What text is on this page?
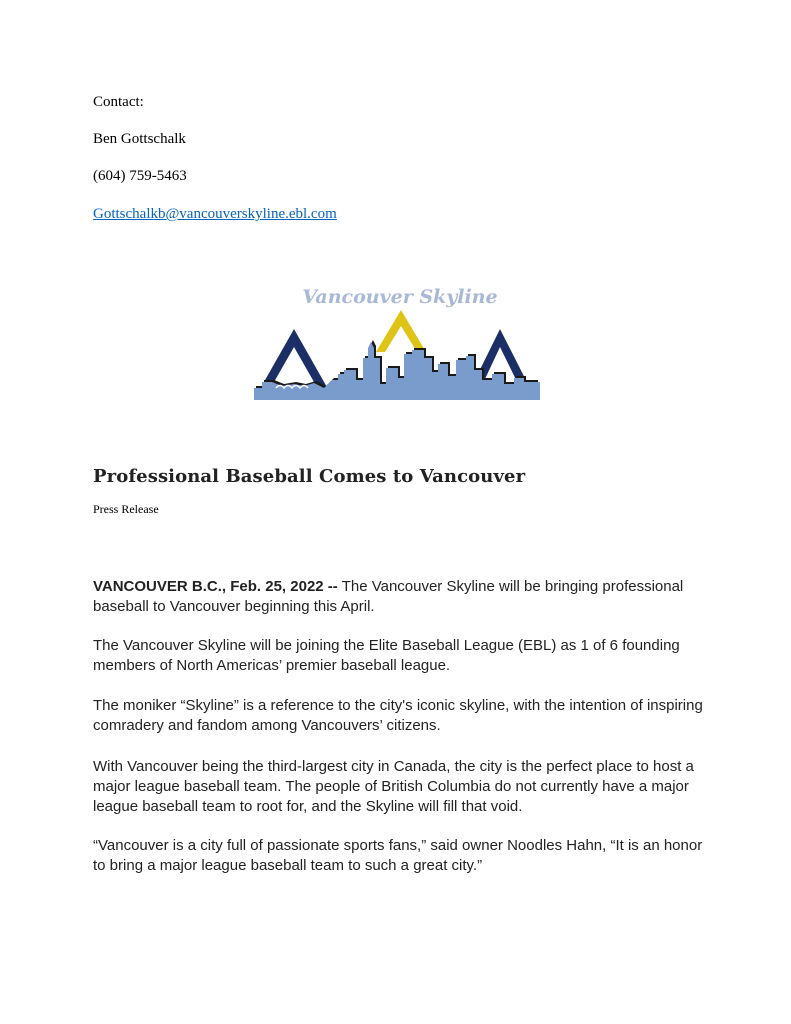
Contact:

Ben Gottschalk

(604) 759-5463

Gottschalkb@vancouverskyline.ebl.com

Vancouver Skyline

Professional Baseball Comes to Vancouver

Press Release

VANCOUVER B.C., Feb. 25, 2022 -- The Vancouver Skyline will be bringing professional baseball to Vancouver beginning this April.

The Vancouver Skyline will be joining the Elite Baseball League (EBL) as 1 of 6 founding members of North Americas’ premier baseball league.

The moniker “Skyline” is a reference to the city's iconic skyline, with the intention of inspiring comradery and fandom among Vancouvers’ citizens.

With Vancouver being the third-largest city in Canada, the city is the perfect place to host a major league baseball team. The people of British Columbia do not currently have a major league baseball team to root for, and the Skyline will fill that void.

“Vancouver is a city full of passionate sports fans,” said owner Noodles Hahn, “It is an honor to bring a major league baseball team to such a great city.”
